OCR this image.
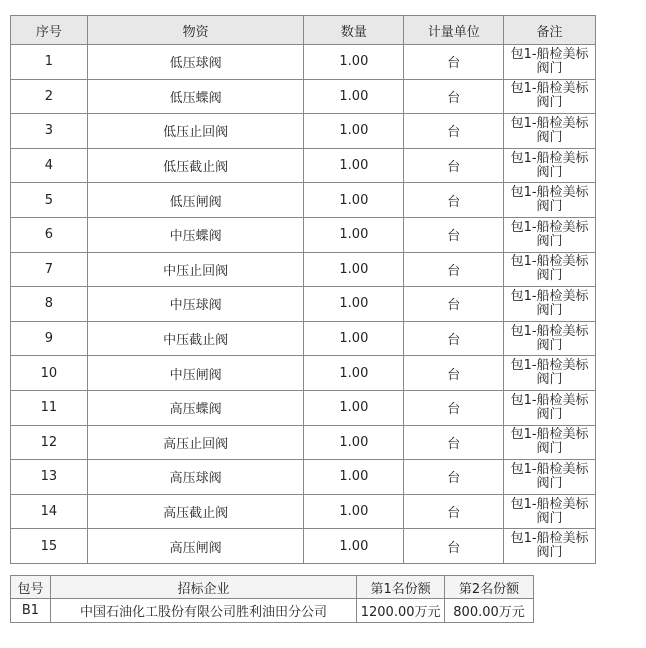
序号	物资	数量	计量单位	备注
1	低压球阀	1.00	台	包1-船检美标阀门
2	低压蝶阀	1.00	台	包1-船检美标阀门
3	低压止回阀	1.00	台	包1-船检美标阀门
4	低压截止阀	1.00	台	包1-船检美标阀门
5	低压闸阀	1.00	台	包1-船检美标阀门
6	中压蝶阀	1.00	台	包1-船检美标阀门
7	中压止回阀	1.00	台	包1-船检美标阀门
8	中压球阀	1.00	台	包1-船检美标阀门
9	中压截止阀	1.00	台	包1-船检美标阀门
10	中压闸阀	1.00	台	包1-船检美标阀门
11	高压蝶阀	1.00	台	包1-船检美标阀门
12	高压止回阀	1.00	台	包1-船检美标阀门
13	高压球阀	1.00	台	包1-船检美标阀门
14	高压截止阀	1.00	台	包1-船检美标阀门
15	高压闸阀	1.00	台	包1-船检美标阀门
包号	招标企业	第1名份额	第2名份额
B1	中国石油化工股份有限公司胜利油田分公司	1200.00万元	800.00万元
